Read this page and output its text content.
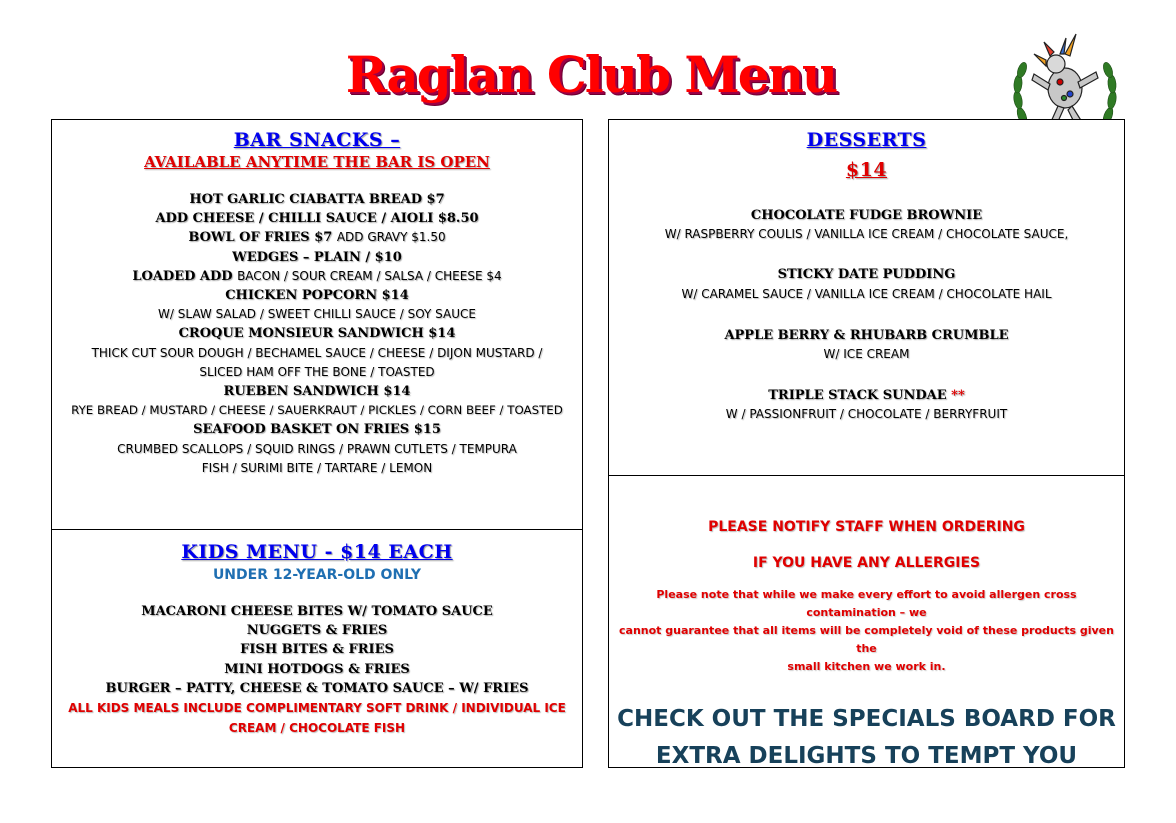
Raglan Club Menu
BAR SNACKS –
AVAILABLE ANYTIME THE BAR IS OPEN
HOT GARLIC CIABATTA BREAD $7
ADD CHEESE / CHILLI SAUCE / AIOLI $8.50
BOWL OF FRIES $7 ADD GRAVY $1.50
WEDGES – PLAIN / $10
LOADED ADD BACON / SOUR CREAM / SALSA / CHEESE $4
CHICKEN POPCORN $14
W/ SLAW SALAD / SWEET CHILLI SAUCE / SOY SAUCE
CROQUE MONSIEUR SANDWICH $14
THICK CUT SOUR DOUGH / BECHAMEL SAUCE / CHEESE / DIJON MUSTARD /
SLICED HAM OFF THE BONE / TOASTED
RUEBEN SANDWICH $14
RYE BREAD / MUSTARD / CHEESE / SAUERKRAUT / PICKLES / CORN BEEF / TOASTED
SEAFOOD BASKET ON FRIES $15
CRUMBED SCALLOPS / SQUID RINGS / PRAWN CUTLETS / TEMPURA
FISH / SURIMI BITE / TARTARE / LEMON
KIDS MENU - $14 EACH
UNDER 12-YEAR-OLD ONLY
MACARONI CHEESE BITES W/ TOMATO SAUCE
NUGGETS & FRIES
FISH BITES & FRIES
MINI HOTDOGS & FRIES
BURGER – PATTY, CHEESE & TOMATO SAUCE – W/ FRIES
ALL KIDS MEALS INCLUDE COMPLIMENTARY SOFT DRINK / INDIVIDUAL ICE
CREAM / CHOCOLATE FISH
DESSERTS
$14
CHOCOLATE FUDGE BROWNIE
W/ RASPBERRY COULIS / VANILLA ICE CREAM / CHOCOLATE SAUCE,
STICKY DATE PUDDING
W/ CARAMEL SAUCE / VANILLA ICE CREAM / CHOCOLATE HAIL
APPLE BERRY & RHUBARB CRUMBLE
W/ ICE CREAM
TRIPLE STACK SUNDAE **
W / PASSIONFRUIT / CHOCOLATE / BERRYFRUIT
PLEASE NOTIFY STAFF WHEN ORDERING
IF YOU HAVE ANY ALLERGIES
Please note that while we make every effort to avoid allergen cross contamination – we
cannot guarantee that all items will be completely void of these products given the
small kitchen we work in.
CHECK OUT THE SPECIALS BOARD FOR
EXTRA DELIGHTS TO TEMPT YOU
